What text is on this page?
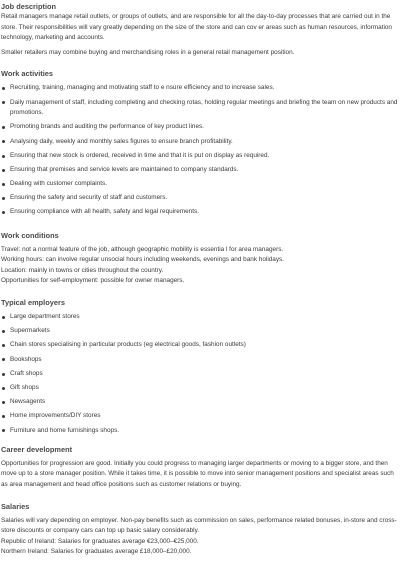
Job description

Retail managers manage retail outlets, or groups of outlets, and are responsible for all the day-to-day processes that are carried out in the store. Their responsibilities will vary greatly depending on the size of the store and can cov er areas such as human resources, information technology, marketing and accounts.

Smaller retailers may combine buying and merchandising roles in a general retail management position.

Work activities
Recruiting, training, managing and motivating staff to e nsure efficiency and to increase sales.
Daily management of staff, including completing and checking rotas, holding regular meetings and briefing the team on new products and promotions.
Promoting brands and auditing the performance of key product lines.
Analysing daily, weekly and monthly sales figures to ensure branch profitability.
Ensuring that new stock is ordered, received in time and that it is put on display as required.
Ensuring that premises and service levels are maintained to company standards.
Dealing with customer complaints.
Ensuring the safety and security of staff and customers.
Ensuring compliance with all health, safety and legal requirements.
Work conditions

Travel: not a normal feature of the job, although geographic mobility is essentia l for area managers.

Working hours: can involve regular unsocial hours including weekends, evenings and bank holidays.

Location: mainly in towns or cities throughout the country.

Opportunities for self-employment: possible for owner managers.

Typical employers
Large department stores
Supermarkets
Chain stores specialising in particular products (eg electrical goods, fashion outlets)
Bookshops
Craft shops
Gift shops
Newsagents
Home improvements/DIY stores
Furniture and home furnishings shops.
Career development

Opportunities for progression are good. Initially you could progress to managing larger departments or moving to a bigger store, and then move up to a store manager position. While it takes time, it is possible to move into senior management positions and specialist areas such as area management and head office positions such as customer relations or buying.

Salaries

Salaries will vary depending on employer. Non-pay benefits such as commission on sales, performance related bonuses, in-store and cross-store discounts or company cars can top up basic salary considerably.

Republic of Ireland: Salaries for graduates average €23,000–€25,000.

Northern Ireland: Salaries for graduates average £18,000–£20,000.
